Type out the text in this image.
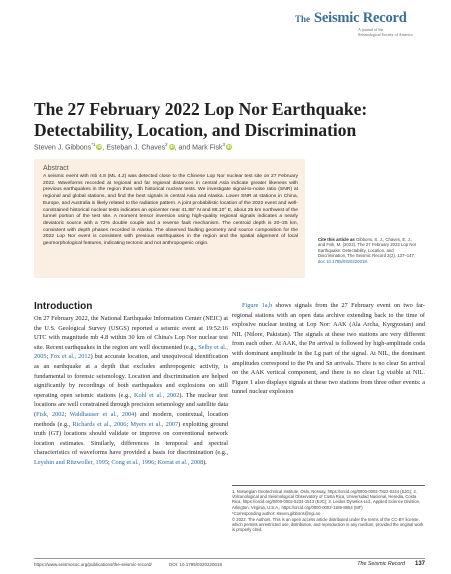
The Seismic Record
A journal of the
Seismological Society of America
The 27 February 2022 Lop Nor Earthquake: Detectability, Location, and Discrimination
Steven J. Gibbons$^{*1}$ iD, Esteban J. Chaves$^2$ iD, and Mark Fisk$^3$ iD
Abstract
A seismic event with mb 4.8 (ML 4.2) was detected close to the Chinese Lop Nor nuclear test site on 27 February 2022. Waveforms recorded at regional and far regional distances in central Asia indicate greater likeness with previous earthquakes in the region than with historical nuclear tests. We investigate signal-to-noise ratio (SNR) at regional and global stations, and find the best signals in central Asia and Alaska. Lower SNR at stations in China, Europe, and Australia is likely related to the radiation pattern. A joint probabilistic location of the 2022 event and well-constrained historical nuclear tests indicates an epicenter near 41.88° N and 88.10° E, about 25 km northwest of the tunnel portion of the test site. A moment tensor inversion using high-quality regional signals indicates a nearly deviatoric source with a 72% double couple and a reverse fault mechanism. The centroid depth is 20–25 km, consistent with depth phases recorded in Alaska. The observed faulting geometry and source composition for the 2022 Lop Nor event is consistent with previous earthquakes in the region and the spatial alignment of local geomorphological features, indicating tectonic and not anthropogenic origin.
Cite this article as Gibbons, S. J., Chaves, E. J., and Fisk, M. (2022). The 27 February 2022 Lop Nor Earthquake: Detectability, Location, and Discrimination, The Seismic Record 2(2), 137–147, doi: 10.1785/0320220018.
Introduction

On 27 February 2022, the National Earthquake Information Center (NEIC) at the U.S. Geological Survey (USGS) reported a seismic event at 19:52:16 UTC with magnitude mb 4.8 within 30 km of China's Lop Nor nuclear test site. Recent earthquakes in the region are well documented (e.g., Selby et al., 2005; Fox et al., 2012) but accurate location, and unequivocal identification as an earthquake at a depth that excludes anthropogenic activity, is fundamental to forensic seismology. Location and discrimination are helped significantly by recordings of both earthquakes and explosions on still operating open seismic stations (e.g., Kohl et al., 2002). The nuclear test locations are well constrained through precision seismology and satellite data (Fisk, 2002; Waldhauser et al., 2004) and modern, contextual, location methods (e.g., Richards et al., 2006; Myers et al., 2007) exploiting ground truth (GT) locations should validate or improve on conventional network location estimates. Similarly, differences in temporal and spectral characteristics of waveforms have provided a basis for discrimination (e.g., Leyshin and Ritzwoller, 1995; Cong et al., 1996; Korrat et al., 2008).

Figure 1a,b shows signals from the 27 February event on two far-regional stations with an open data archive extending back to the time of explosive nuclear testing at Lop Nor: AAK (Ala Archa, Kyrgyzstan) and NIL (Nilore, Pakistan). The signals at these two stations are very different from each other. At AAK, the Pn arrival is followed by high-amplitude coda with dominant amplitude in the Lg part of the signal. At NIL, the dominant amplitudes correspond to the Pn and Sn arrivals. There is no clear Sn arrival on the AAK vertical component, and there is no clear Lg visible at NIL. Figure 1 also displays signals at these two stations from three other events: a tunnel nuclear explosion

1. Norwegian Geotechnical Institute, Oslo, Norway, https://orcid.org/0000-0002-7822-0244 (SJG); 2. Volcanological and Seismological Observatory of Costa Rica, Universidad Nacional, Heredia, Costa Rica, https://orcid.org/0000-0002-5234-1513 (EJC); 3. Leidos Dynetics-Ltd., Applied Science Division, Arlington, Virginia, U.S.A., https://orcid.org/0000-0002-1189-8854 (MF)
*Corresponding author: steven.gibbons@ngi.no
© 2022. The Authors. This is an open access article distributed under the terms of the CC-BY license, which permits unrestricted use, distribution, and reproduction in any medium, provided the original work is properly cited.
https://www.seismosoc.org/publications/the-seismic-record/	DOI: 10.1785/0320220018	The Seismic Record 137
